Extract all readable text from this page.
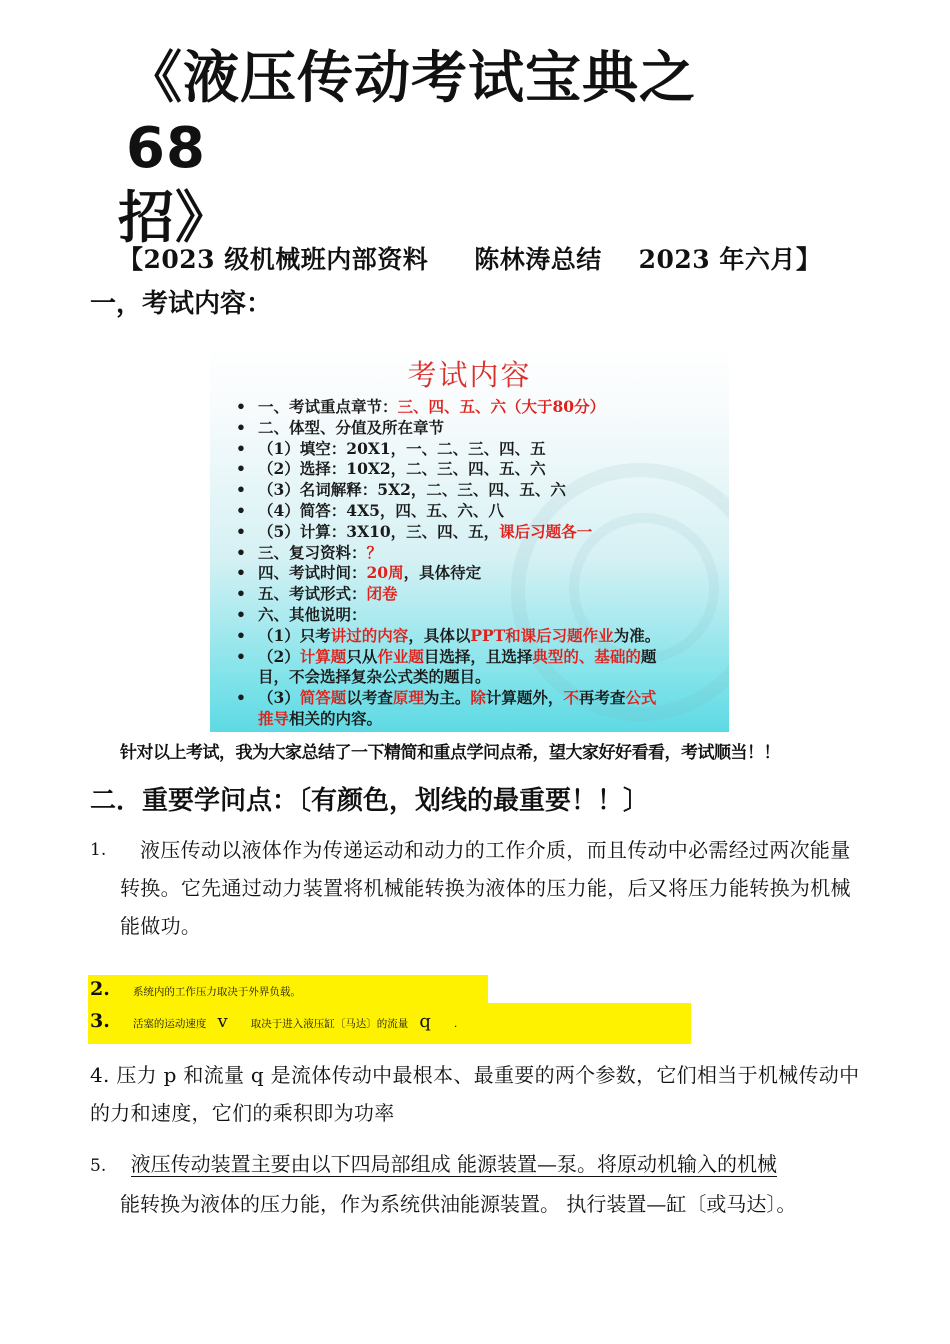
《液压传动考试宝典之 68
招》
【2023 级机械班内部资料     陈林涛总结    2023 年六月】
一，考试内容：
考试内容
• 一、考试重点章节：三、四、五、六（大于80分）
• 二、体型、分值及所在章节
• （1）填空：20X1，一、二、三、四、五
• （2）选择：10X2，二、三、四、五、六
• （3）名词解释：5X2，二、三、四、五、六
• （4）简答：4X5，四、五、六、八
• （5）计算：3X10，三、四、五，课后习题各一
• 三、复习资料：？
• 四、考试时间：20周，具体待定
• 五、考试形式：闭卷
• 六、其他说明：
• （1）只考讲过的内容，具体以PPT和课后习题作业为准。
• （2）计算题只从作业题目选择，且选择典型的、基础的题
目，不会选择复杂公式类的题目。
• （3）简答题以考查原理为主。除计算题外，不再考查公式
推导相关的内容。
针对以上考试，我为大家总结了一下精简和重点学问点希，望大家好好看看，考试顺当！！
二．重要学问点：〔有颜色，划线的最重要！！〕
1.	液压传动以液体作为传递运动和动力的工作介质，而且传动中必需经过两次能量转换。它先通过动力装置将机械能转换为液体的压力能，后又将压力能转换为机械能做功。
2. 系统内的工作压力取决于外界负载。
3. 活塞的运动速度 v 取决于进入液压缸〔马达〕的流量 q .
4. 压力 p 和流量 q 是流体传动中最根本、最重要的两个参数，它们相当于机械传动中的力和速度，它们的乘积即为功率
5. 液压传动装置主要由以下四局部组成 能源装置—泵。将原动机输入的机械
能转换为液体的压力能，作为系统供油能源装置。 执行装置—缸〔或马达〕。
